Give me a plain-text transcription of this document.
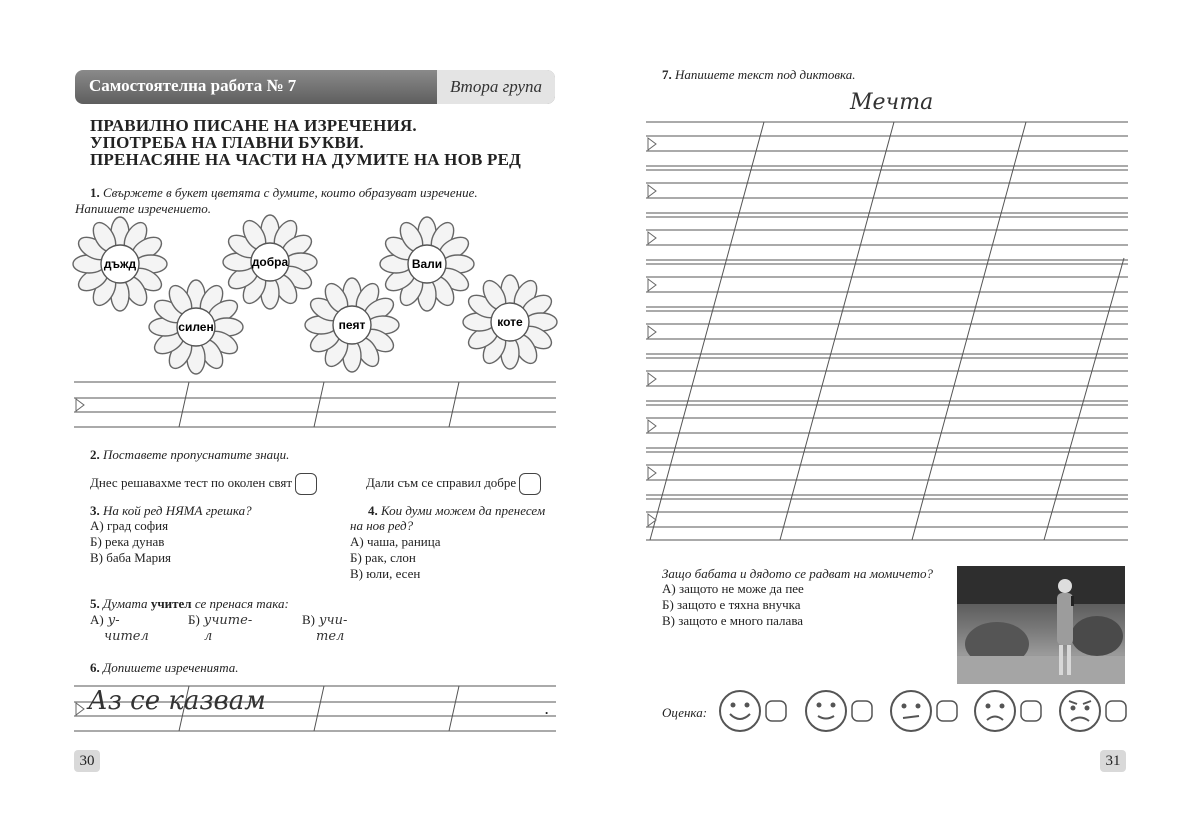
Самостоятелна работа № 7	Втора група
ПРАВИЛНО ПИСАНЕ НА ИЗРЕЧЕНИЯ.
УПОТРЕБА НА ГЛАВНИ БУКВИ.
ПРЕНАСЯНЕ НА ЧАСТИ НА ДУМИТЕ НА НОВ РЕД
1. Свържете в букет цветята с думите, които образуват изречение.
Напишете изречението.
дъжд
силен
добра
пеят
Вали
коте
2. Поставете пропуснатите знаци.
Днес решавахме тест по околен свят	Дали съм се справил добре
3. На кой ред НЯМА грешка?
А) град софия
Б) река дунав
В) баба Мария
4. Кои думи можем да пренесем
на нов ред?
А) чаша, раница
Б) рак, слон
В) юли, есен
5. Думата учител се пренася така:
А) у-
чител
Б) учите-
л
В) учи-
тел
6. Допишете изреченията.
Аз се казвам	.
30
7. Напишете текст под диктовка.
Мечта
Защо бабата и дядото се радват на момичето?
А) защото не може да пее
Б) защото е тяхна внучка
В) защото е много палава
Оценка:
31
